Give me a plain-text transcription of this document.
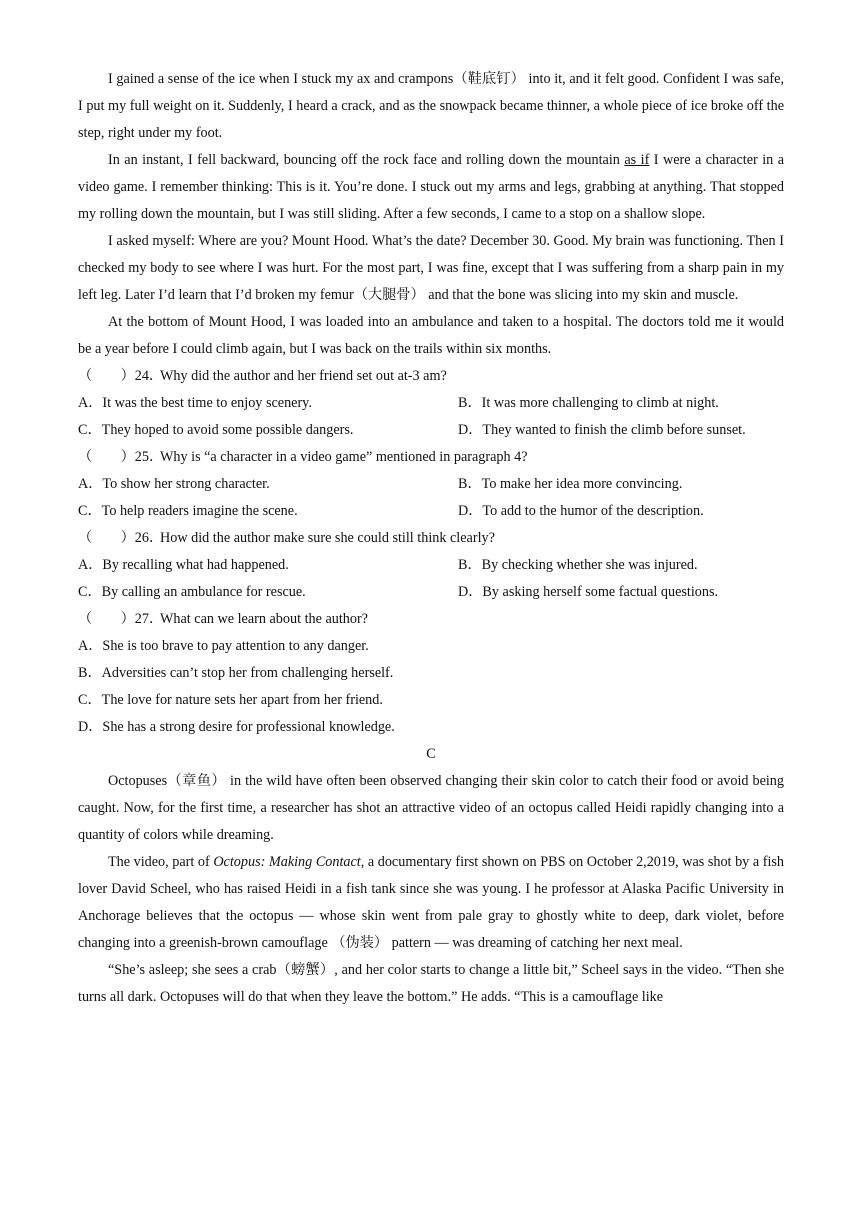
I gained a sense of the ice when I stuck my ax and crampons（鞋底钉） into it, and it felt good. Confident I was safe, I put my full weight on it. Suddenly, I heard a crack, and as the snowpack became thinner, a whole piece of ice broke off the step, right under my foot.

In an instant, I fell backward, bouncing off the rock face and rolling down the mountain as if I were a character in a video game. I remember thinking: This is it. You’re done. I stuck out my arms and legs, grabbing at anything. That stopped my rolling down the mountain, but I was still sliding. After a few seconds, I came to a stop on a shallow slope.

I asked myself: Where are you? Mount Hood. What’s the date? December 30. Good. My brain was functioning. Then I checked my body to see where I was hurt. For the most part, I was fine, except that I was suffering from a sharp pain in my left leg. Later I’d learn that I’d broken my femur（大腿骨） and that the bone was slicing into my skin and muscle.

At the bottom of Mount Hood, I was loaded into an ambulance and taken to a hospital. The doctors told me it would be a year before I could climb again, but I was back on the trails within six months.

（　　）24．Why did the author and her friend set out at-3 am?

A．It was the best time to enjoy scenery.	B．It was more challenging to climb at night.
C．They hoped to avoid some possible dangers.	D．They wanted to finish the climb before sunset.

（　　）25．Why is “a character in a video game” mentioned in paragraph 4?

A．To show her strong character.	B．To make her idea more convincing.
C．To help readers imagine the scene.	D．To add to the humor of the description.

（　　）26．How did the author make sure she could still think clearly?

A．By recalling what had happened.	B．By checking whether she was injured.
C．By calling an ambulance for rescue.	D．By asking herself some factual questions.

（　　）27．What can we learn about the author?

A．She is too brave to pay attention to any danger.

B．Adversities can’t stop her from challenging herself.

C．The love for nature sets her apart from her friend.

D．She has a strong desire for professional knowledge.

C

Octopuses（章鱼） in the wild have often been observed changing their skin color to catch their food or avoid being caught. Now, for the first time, a researcher has shot an attractive video of an octopus called Heidi rapidly changing into a quantity of colors while dreaming.

The video, part of Octopus: Making Contact, a documentary first shown on PBS on October 2,2019, was shot by a fish lover David Scheel, who has raised Heidi in a fish tank since she was young. I he professor at Alaska Pacific University in Anchorage believes that the octopus — whose skin went from pale gray to ghostly white to deep, dark violet, before changing into a greenish-brown camouflage （伪装） pattern — was dreaming of catching her next meal.

“She’s asleep; she sees a crab（螃蟹）, and her color starts to change a little bit,” Scheel says in the video. “Then she turns all dark. Octopuses will do that when they leave the bottom.” He adds. “This is a camouflage like
